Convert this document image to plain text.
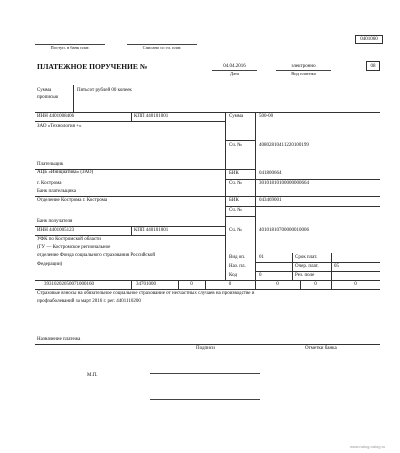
0401060
Поступ. в банк плат.	Списано со сч. плат.
ПЛАТЕЖНОЕ ПОРУЧЕНИЕ №	04.04.2016
Дата
электронно
Вид платежа
08
Сумма
прописью
Пятьсот рублей 00 копеек
ИНН 4401008406	КПП 440101001
ЗАО «Технология +»
Плательщик
Сумма	500-00
Сч. №	40802810411220100199
АЦБ «Инициатива» (ЗАО)
г. Кострома
Банк плательщика
БИК	041800664
Сч. №	30101810100000000664
Отделение Кострома г. Кострома
Банк получателя
БИК	043469001
Сч. №
ИНН 4401005123	КПП 440101001
УФК по Костромской области
(ГУ — Костромское региональное
отделение Фонда социального страхования Российской
Федерации)
Сч. №	40101810700000010006
Вид оп.	01	Срок плат.
Наз. пл.	Очер. плат.	05
Код	0	Рез. поле
39310202050071000160	34701000	0	0	0	0	0
Страховые взносы на обязательное социальное страхование от несчастных случаев на производстве и
профзаболеваний за март 2016 г. рег. 4401110200
Назначение платежа
Подписи	Отметки банка
М.П.
www.nalog-nalog.ru
